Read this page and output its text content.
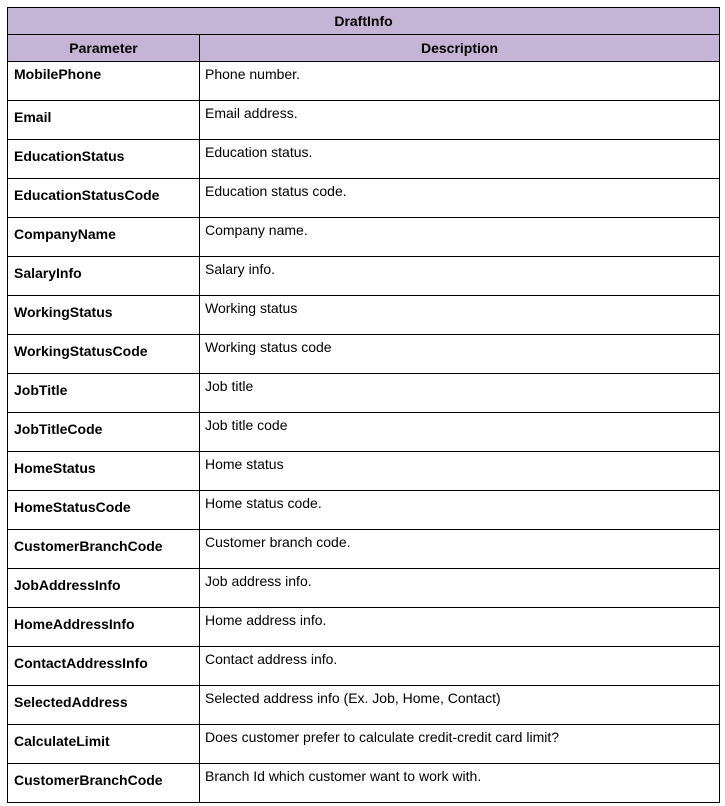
DraftInfo
Parameter	Description
MobilePhone	Phone number.
Email	Email address.
EducationStatus	Education status.
EducationStatusCode	Education status code.
CompanyName	Company name.
SalaryInfo	Salary info.
WorkingStatus	Working status
WorkingStatusCode	Working status code
JobTitle	Job title
JobTitleCode	Job title code
HomeStatus	Home status
HomeStatusCode	Home status code.
CustomerBranchCode	Customer branch code.
JobAddressInfo	Job address info.
HomeAddressInfo	Home address info.
ContactAddressInfo	Contact address info.
SelectedAddress	Selected address info (Ex. Job, Home, Contact)
CalculateLimit	Does customer prefer to calculate credit-credit card limit?
CustomerBranchCode	Branch Id which customer want to work with.
